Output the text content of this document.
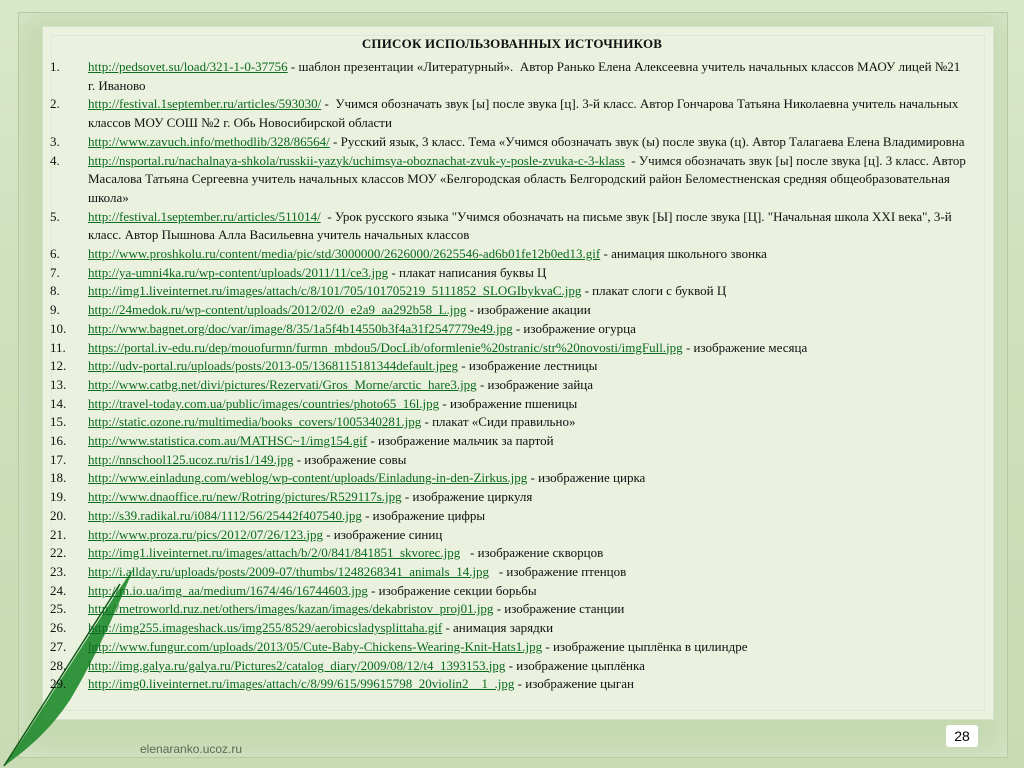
СПИСОК ИСПОЛЬЗОВАННЫХ ИСТОЧНИКОВ
1.	http://pedsovet.su/load/321-1-0-37756 - шаблон презентации «Литературный».  Автор Ранько Елена Алексеевна учитель начальных классов МАОУ лицей №21 г. Иваново
2.	http://festival.1september.ru/articles/593030/ -  Учимся обозначать звук [ы] после звука [ц]. 3-й класс. Автор Гончарова Татьяна Николаевна учитель начальных классов МОУ СОШ №2 г. Обь Новосибирской области
3.	http://www.zavuch.info/methodlib/328/86564/ - Русский язык, 3 класс. Тема «Учимся обозначать звук (ы) после звука (ц). Автор Талагаева Елена Владимировна
4.	http://nsportal.ru/nachalnaya-shkola/russkii-yazyk/uchimsya-oboznachat-zvuk-y-posle-zvuka-c-3-klass  - Учимся обозначать звук [ы] после звука [ц]. 3 класс. Автор Масалова Татьяна Сергеевна учитель начальных классов МОУ «Белгородская область Белгородский район Беломестненская средняя общеобразовательная школа»
5.	http://festival.1september.ru/articles/511014/  - Урок русского языка "Учимся обозначать на письме звук [Ы] после звука [Ц]. "Начальная школа XXI века", 3-й класс. Автор Пышнова Алла Васильевна учитель начальных классов
6.	http://www.proshkolu.ru/content/media/pic/std/3000000/2626000/2625546-ad6b01fe12b0ed13.gif - анимация школьного звонка
7.	http://ya-umni4ka.ru/wp-content/uploads/2011/11/ce3.jpg - плакат написания буквы Ц
8.	http://img1.liveinternet.ru/images/attach/c/8/101/705/101705219_5111852_SLOGIbykvaC.jpg - плакат слоги с буквой Ц
9.	http://24medok.ru/wp-content/uploads/2012/02/0_e2a9_aa292b58_L.jpg - изображение акации
10.	http://www.bagnet.org/doc/var/image/8/35/1a5f4b14550b3f4a31f2547779e49.jpg - изображение огурца
11.	https://portal.iv-edu.ru/dep/mouofurmn/furmn_mbdou5/DocLib/oformlenie%20stranic/str%20novosti/imgFull.jpg - изображение месяца
12.	http://udv-portal.ru/uploads/posts/2013-05/1368115181344default.jpeg - изображение лестницы
13.	http://www.catbg.net/divi/pictures/Rezervati/Gros_Morne/arctic_hare3.jpg - изображение зайца
14.	http://travel-today.com.ua/public/images/countries/photo65_16l.jpg - изображение пшеницы
15.	http://static.ozone.ru/multimedia/books_covers/1005340281.jpg - плакат «Сиди правильно»
16.	http://www.statistica.com.au/MATHSC~1/img154.gif - изображение мальчик за партой
17.	http://nnschool125.ucoz.ru/ris1/149.jpg - изображение совы
18.	http://www.einladung.com/weblog/wp-content/uploads/Einladung-in-den-Zirkus.jpg - изображение цирка
19.	http://www.dnaoffice.ru/new/Rotring/pictures/R529117s.jpg - изображение циркуля
20.	http://s39.radikal.ru/i084/1112/56/25442f407540.jpg - изображение цифры
21.	http://www.proza.ru/pics/2012/07/26/123.jpg - изображение синиц
22.	http://img1.liveinternet.ru/images/attach/b/2/0/841/841851_skvorec.jpg   - изображение скворцов
23.	http://i.allday.ru/uploads/posts/2009-07/thumbs/1248268341_animals_14.jpg   - изображение птенцов
24.	http://m.io.ua/img_aa/medium/1674/46/16744603.jpg - изображение секции борьбы
25.	http://metroworld.ruz.net/others/images/kazan/images/dekabristov_proj01.jpg - изображение станции
26.	http://img255.imageshack.us/img255/8529/aerobicsladysplittaha.gif - анимация зарядки
27.	http://www.fungur.com/uploads/2013/05/Cute-Baby-Chickens-Wearing-Knit-Hats1.jpg - изображение цыплёнка в цилиндре
28.	http://img.galya.ru/galya.ru/Pictures2/catalog_diary/2009/08/12/t4_1393153.jpg - изображение цыплёнка
29.	http://img0.liveinternet.ru/images/attach/c/8/99/615/99615798_20violin2__1_.jpg - изображение цыган
elenaranko.ucoz.ru
28
